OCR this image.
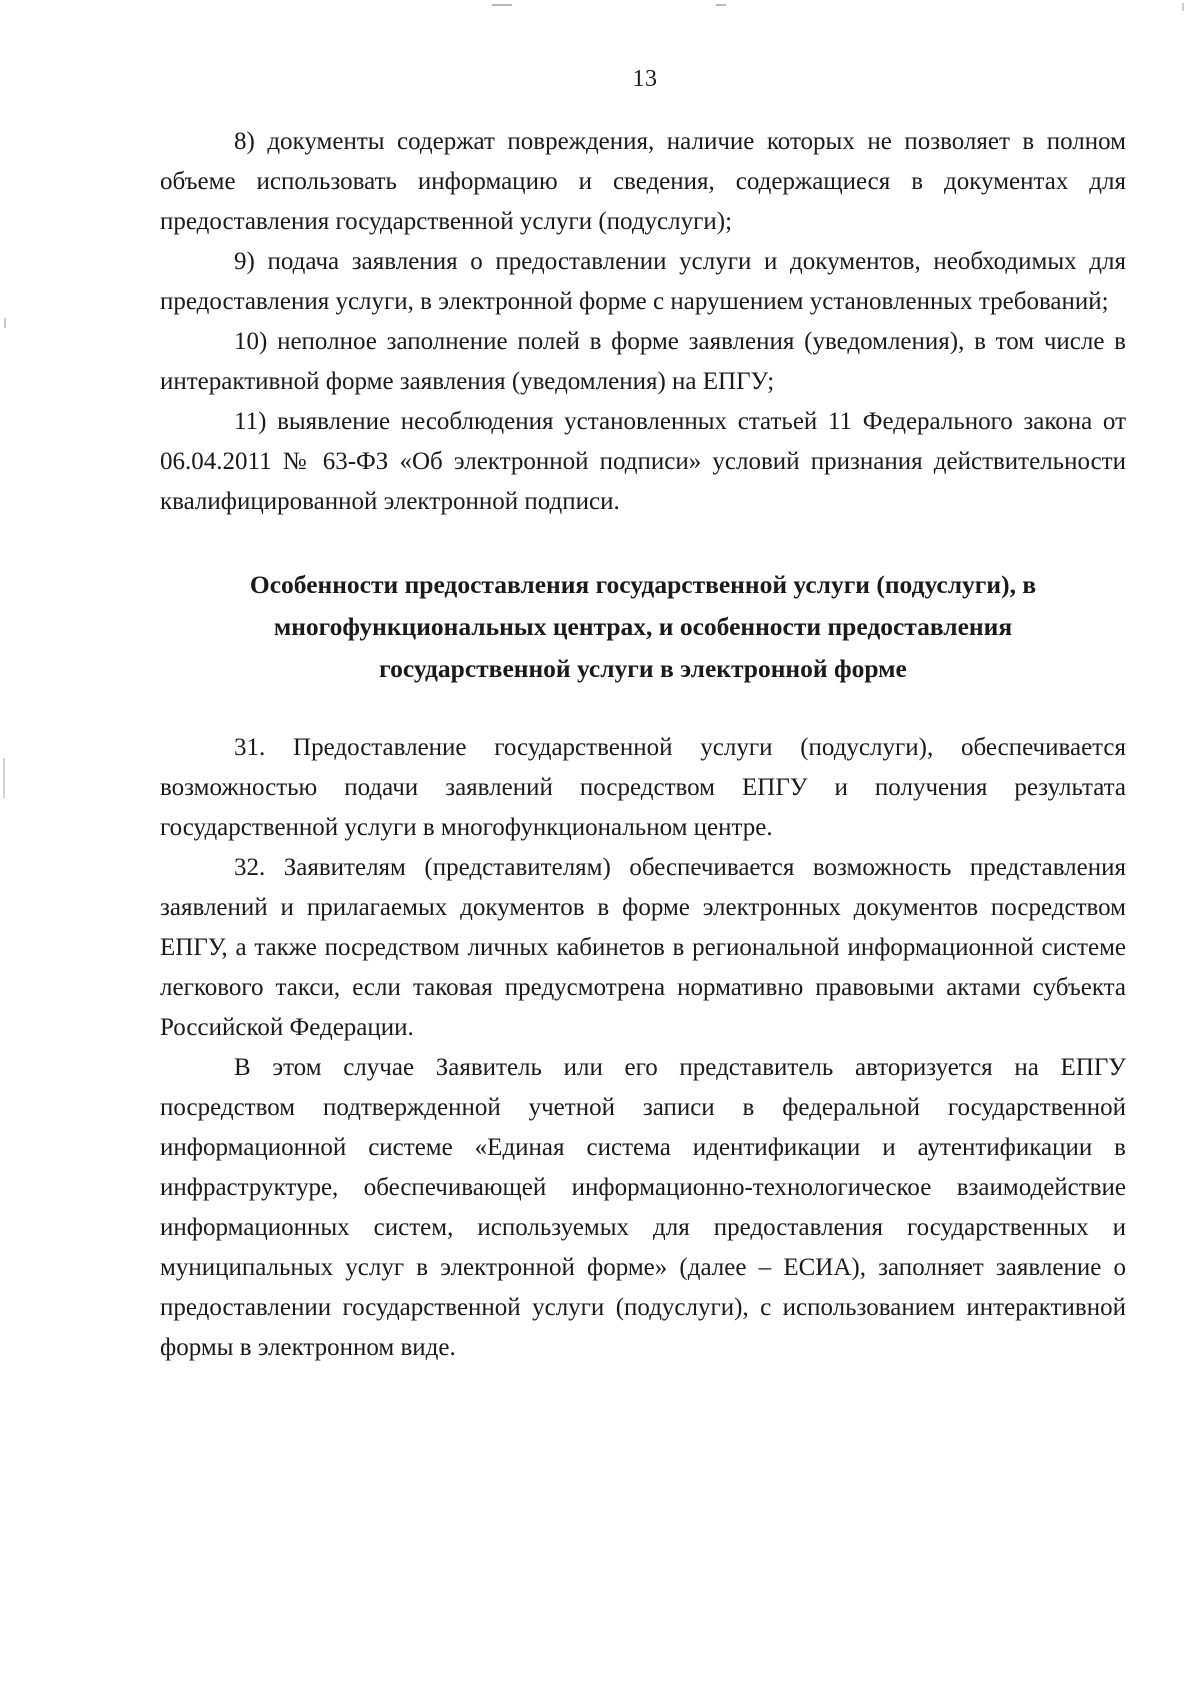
13

8) документы содержат повреждения, наличие которых не позволяет в полном объеме использовать информацию и сведения, содержащиеся в документах для предоставления государственной услуги (подуслуги);

9) подача заявления о предоставлении услуги и документов, необходимых для предоставления услуги, в электронной форме с нарушением установленных требований;

10) неполное заполнение полей в форме заявления (уведомления), в том числе в интерактивной форме заявления (уведомления) на ЕПГУ;

11) выявление несоблюдения установленных статьей 11 Федерального закона от 06.04.2011 № 63-ФЗ «Об электронной подписи» условий признания действительности квалифицированной электронной подписи.

Особенности предоставления государственной услуги (подуслуги), в многофункциональных центрах, и особенности предоставления государственной услуги в электронной форме

31. Предоставление государственной услуги (подуслуги), обеспечивается возможностью подачи заявлений посредством ЕПГУ и получения результата государственной услуги в многофункциональном центре.

32. Заявителям (представителям) обеспечивается возможность представления заявлений и прилагаемых документов в форме электронных документов посредством ЕПГУ, а также посредством личных кабинетов в региональной информационной системе легкового такси, если таковая предусмотрена нормативно правовыми актами субъекта Российской Федерации.

В этом случае Заявитель или его представитель авторизуется на ЕПГУ посредством подтвержденной учетной записи в федеральной государственной информационной системе «Единая система идентификации и аутентификации в инфраструктуре, обеспечивающей информационно-технологическое взаимодействие информационных систем, используемых для предоставления государственных и муниципальных услуг в электронной форме» (далее – ЕСИА), заполняет заявление о предоставлении государственной услуги (подуслуги), с использованием интерактивной формы в электронном виде.
